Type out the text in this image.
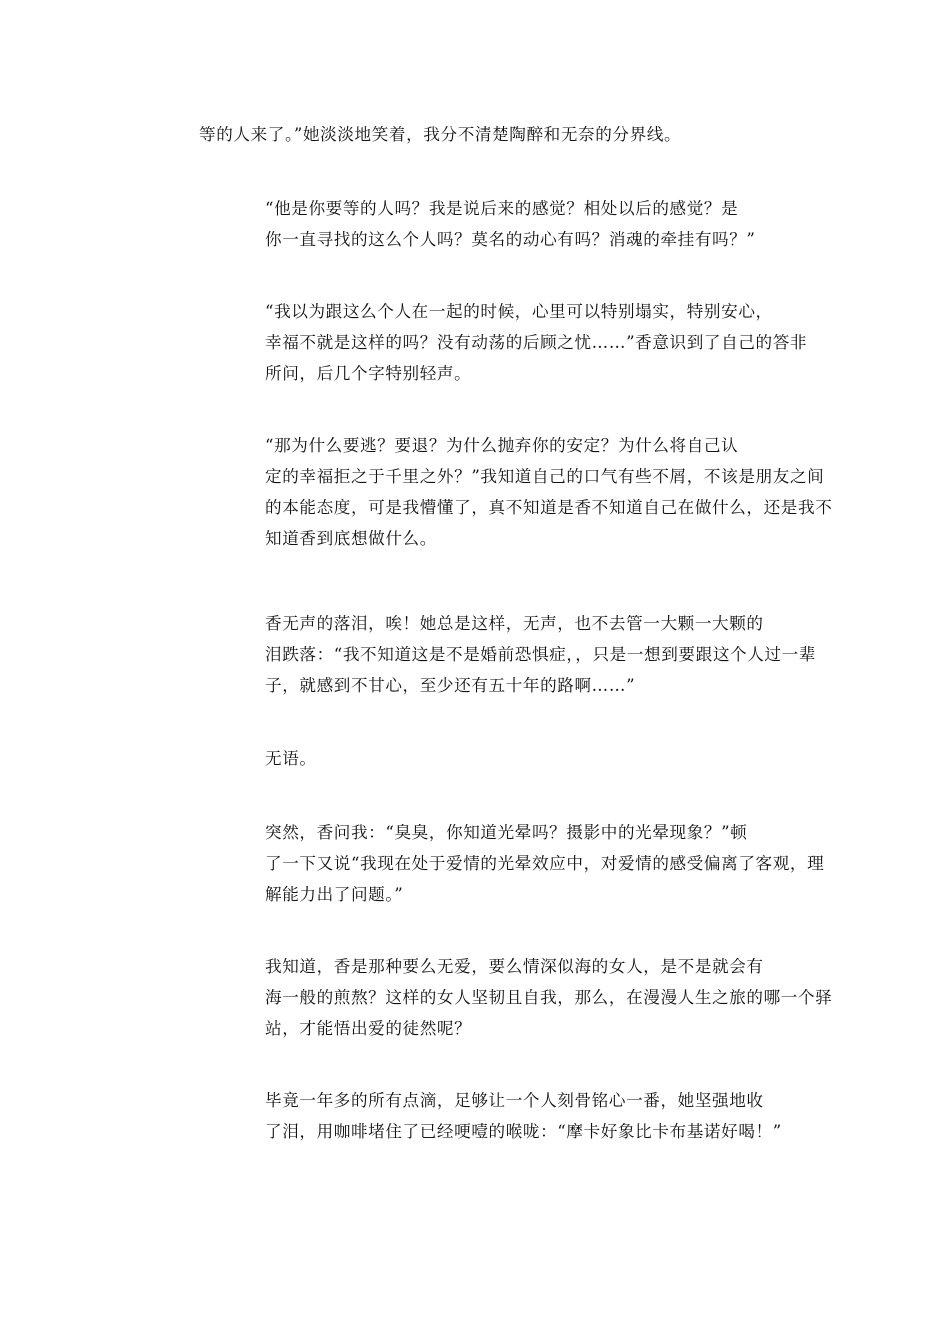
等的人来了。”她淡淡地笑着，我分不清楚陶醉和无奈的分界线。

“他是你要等的人吗？我是说后来的感觉？相处以后的感觉？是
你一直寻找的这么个人吗？莫名的动心有吗？消魂的牵挂有吗？”

“我以为跟这么个人在一起的时候，心里可以特别塌实，特别安心，
幸福不就是这样的吗？没有动荡的后顾之忧……”香意识到了自己的答非
所问，后几个字特别轻声。

“那为什么要逃？要退？为什么抛弃你的安定？为什么将自己认
定的幸福拒之于千里之外？”我知道自己的口气有些不屑，不该是朋友之间
的本能态度，可是我懵懂了，真不知道是香不知道自己在做什么，还是我不
知道香到底想做什么。

香无声的落泪，唉！她总是这样，无声，也不去管一大颗一大颗的
泪跌落：“我不知道这是不是婚前恐惧症，，只是一想到要跟这个人过一辈
子，就感到不甘心，至少还有五十年的路啊……”

无语。

突然，香问我：“臭臭，你知道光晕吗？摄影中的光晕现象？”顿
了一下又说“我现在处于爱情的光晕效应中，对爱情的感受偏离了客观，理
解能力出了问题。”

我知道，香是那种要么无爱，要么情深似海的女人，是不是就会有
海一般的煎熬？这样的女人坚韧且自我，那么，在漫漫人生之旅的哪一个驿
站，才能悟出爱的徒然呢？

毕竟一年多的所有点滴，足够让一个人刻骨铭心一番，她坚强地收
了泪，用咖啡堵住了已经哽噎的喉咙：“摩卡好象比卡布基诺好喝！”
